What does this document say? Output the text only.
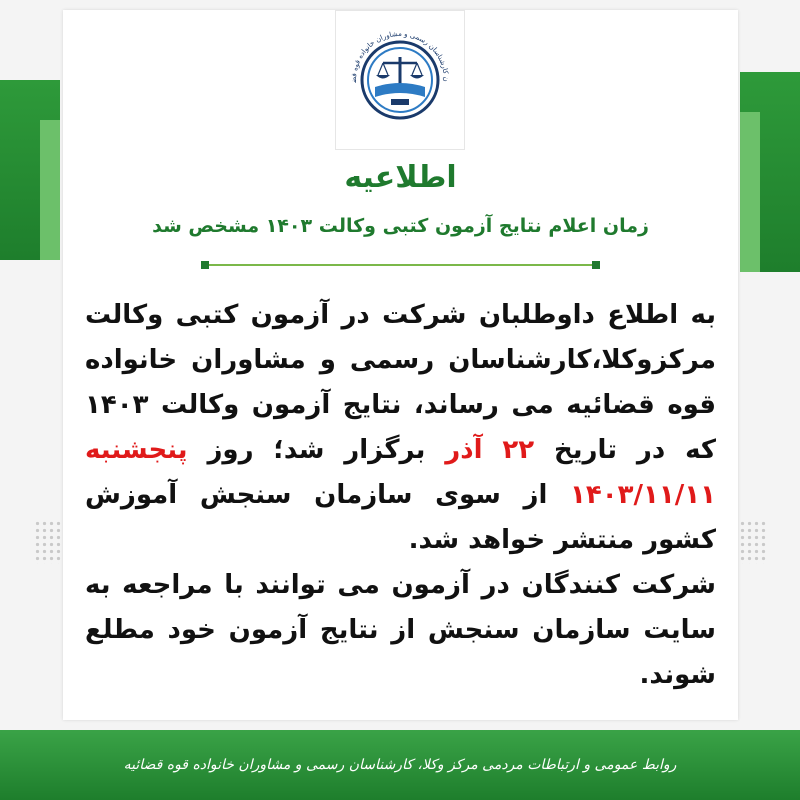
ن کارشناسان رسمی و مشاوران خانواده قوه قض
اطلاعیه
زمان اعلام نتایج آزمون کتبی وکالت ۱۴۰۳ مشخص شد
به اطلاع داوطلبان شرکت در آزمون کتبی وکالت مرکزوکلا،کارشناسان رسمی و مشاوران خانواده قوه قضائیه می رساند، نتایج آزمون وکالت ۱۴۰۳ که در تاریخ ۲۲ آذر برگزار شد؛ روز پنجشنبه ۱۴۰۳/۱۱/۱۱ از سوی سازمان سنجش آموزش کشور منتشر خواهد شد.
شرکت کنندگان در آزمون می توانند با مراجعه به سایت سازمان سنجش از نتایج آزمون خود مطلع شوند.
روابط عمومی و ارتباطات مردمی مرکز وکلا، کارشناسان رسمی و مشاوران خانواده قوه قضائیه
